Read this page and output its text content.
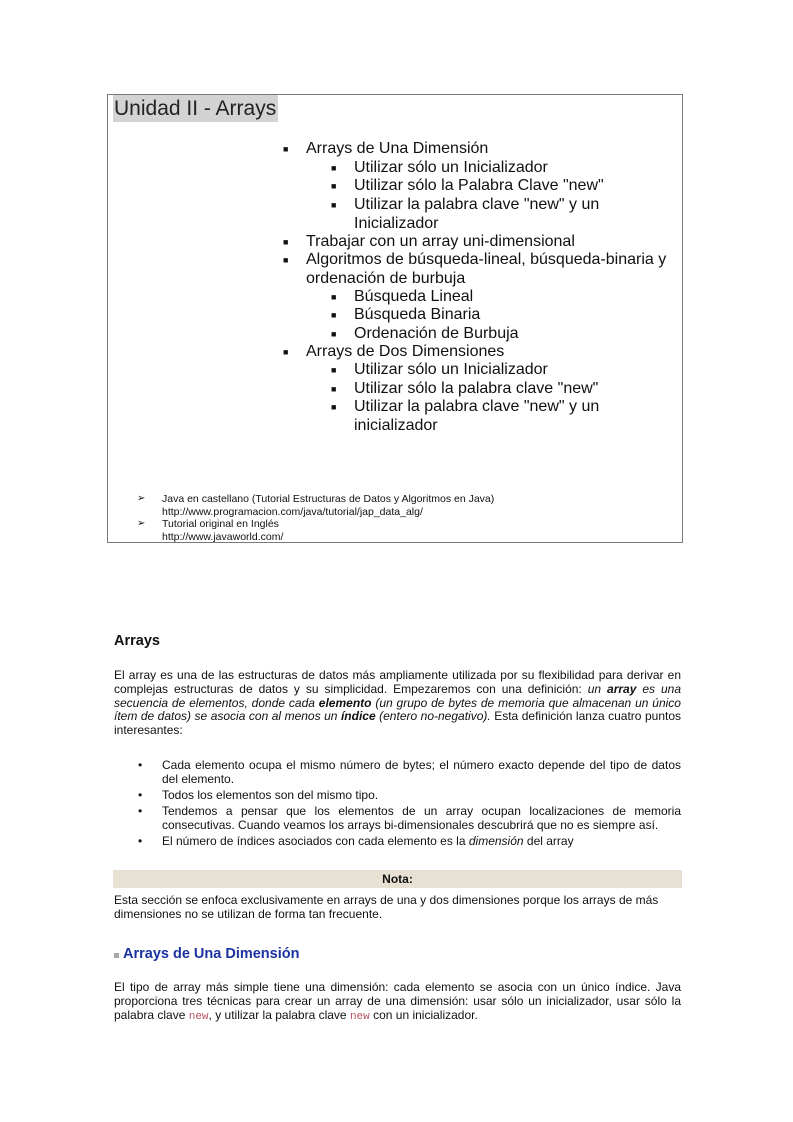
Unidad II - Arrays
■ Arrays de Una Dimensión
■ Utilizar sólo un Inicializador
■ Utilizar sólo la Palabra Clave "new"
■ Utilizar la palabra clave "new" y un Inicializador
■ Trabajar con un array uni-dimensional
■ Algoritmos de búsqueda-lineal, búsqueda-binaria y ordenación de burbuja
■ Búsqueda Lineal
■ Búsqueda Binaria
■ Ordenación de Burbuja
■ Arrays de Dos Dimensiones
■ Utilizar sólo un Inicializador
■ Utilizar sólo la palabra clave "new"
■ Utilizar la palabra clave "new" y un inicializador
➢ Java en castellano (Tutorial Estructuras de Datos y Algoritmos en Java)
http://www.programacion.com/java/tutorial/jap_data_alg/
➢ Tutorial original en Inglés
http://www.javaworld.com/
Arrays
El array es una de las estructuras de datos más ampliamente utilizada por su flexibilidad para derivar en complejas estructuras de datos y su simplicidad. Empezaremos con una definición: un array es una secuencia de elementos, donde cada elemento (un grupo de bytes de memoria que almacenan un único ítem de datos) se asocia con al menos un índice (entero no-negativo). Esta definición lanza cuatro puntos interesantes:
• Cada elemento ocupa el mismo número de bytes; el número exacto depende del tipo de datos del elemento.
• Todos los elementos son del mismo tipo.
• Tendemos a pensar que los elementos de un array ocupan localizaciones de memoria consecutivas. Cuando veamos los arrays bi-dimensionales descubrirá que no es siempre así.
• El número de índices asociados con cada elemento es la dimensión del array
Nota:
Esta sección se enfoca exclusivamente en arrays de una y dos dimensiones porque los arrays de más dimensiones no se utilizan de forma tan frecuente.
Arrays de Una Dimensión
El tipo de array más simple tiene una dimensión: cada elemento se asocia con un único índice. Java proporciona tres técnicas para crear un array de una dimensión: usar sólo un inicializador, usar sólo la palabra clave new, y utilizar la palabra clave new con un inicializador.
